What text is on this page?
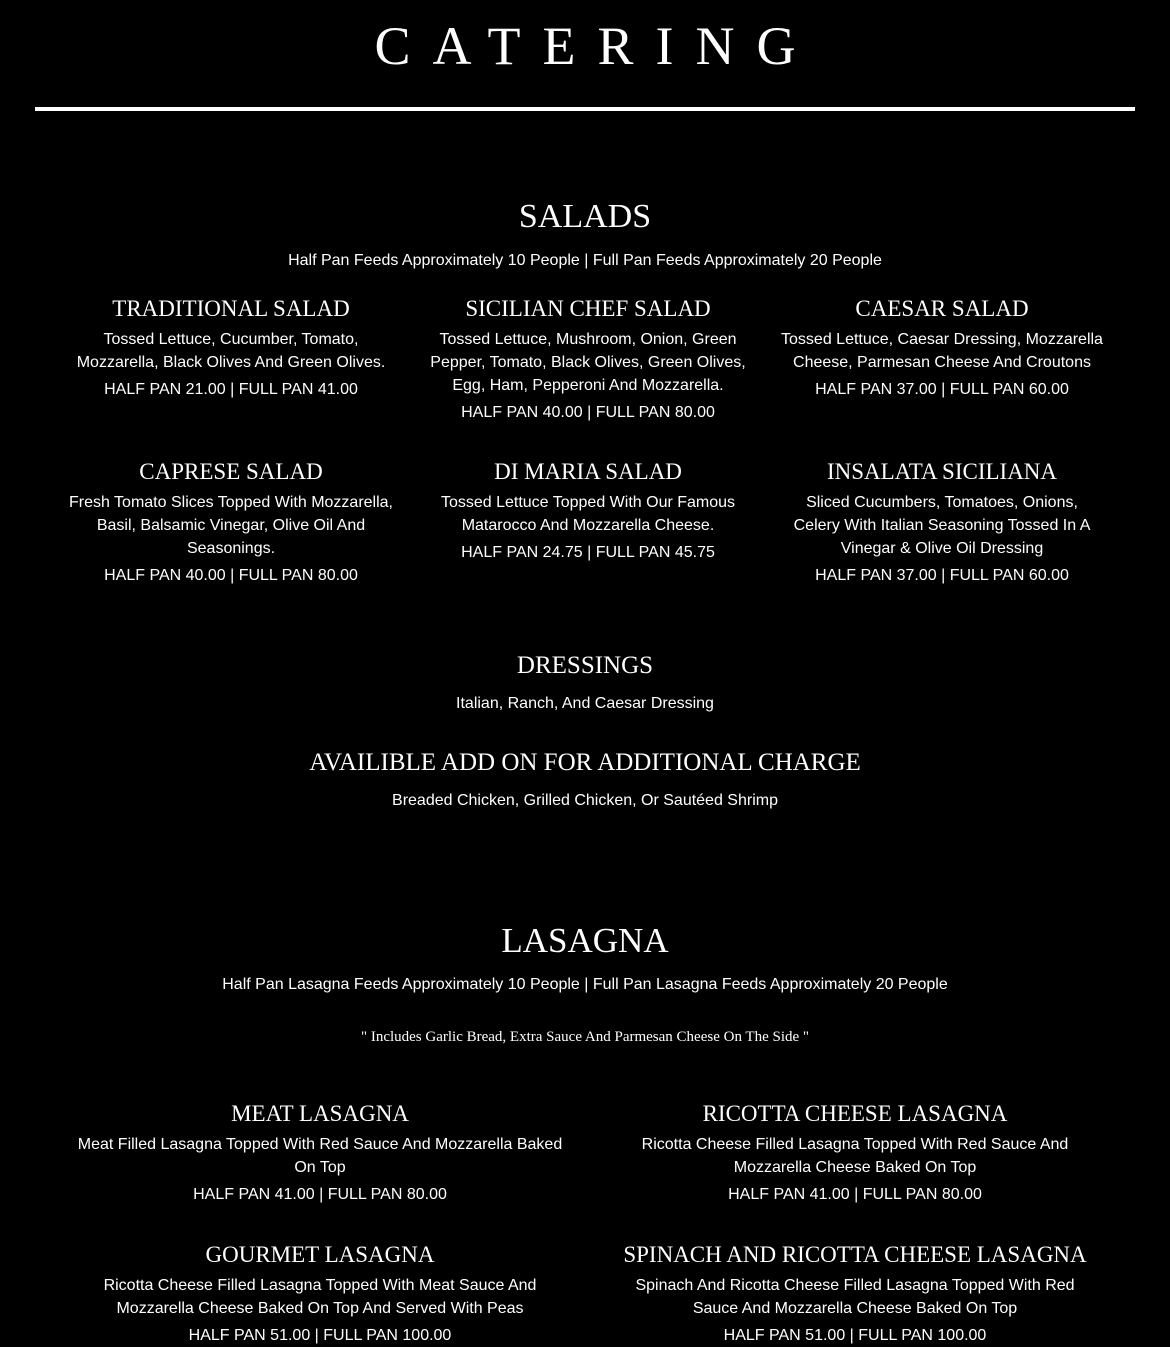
CATERING
SALADS

Half Pan Feeds Approximately 10 People | Full Pan Feeds Approximately 20 People

TRADITIONAL SALAD

Tossed Lettuce, Cucumber, Tomato, Mozzarella, Black Olives And Green Olives.

HALF PAN 21.00 | FULL PAN 41.00

SICILIAN CHEF SALAD

Tossed Lettuce, Mushroom, Onion, Green Pepper, Tomato, Black Olives, Green Olives, Egg, Ham, Pepperoni And Mozzarella.

HALF PAN 40.00 | FULL PAN 80.00

CAESAR SALAD

Tossed Lettuce, Caesar Dressing, Mozzarella Cheese, Parmesan Cheese And Croutons

HALF PAN 37.00 | FULL PAN 60.00

CAPRESE SALAD

Fresh Tomato Slices Topped With Mozzarella, Basil, Balsamic Vinegar, Olive Oil And Seasonings.

HALF PAN 40.00 | FULL PAN 80.00

DI MARIA SALAD

Tossed Lettuce Topped With Our Famous Matarocco And Mozzarella Cheese.

HALF PAN 24.75 | FULL PAN 45.75

INSALATA SICILIANA

Sliced Cucumbers, Tomatoes, Onions, Celery With Italian Seasoning Tossed In A Vinegar & Olive Oil Dressing

HALF PAN 37.00 | FULL PAN 60.00

DRESSINGS

Italian, Ranch, And Caesar Dressing

AVAILIBLE ADD ON FOR ADDITIONAL CHARGE

Breaded Chicken, Grilled Chicken, Or Sautéed Shrimp

LASAGNA

Half Pan Lasagna Feeds Approximately 10 People | Full Pan Lasagna Feeds Approximately 20 People

" Includes Garlic Bread, Extra Sauce And Parmesan Cheese On The Side "

MEAT LASAGNA

Meat Filled Lasagna Topped With Red Sauce And Mozzarella Baked On Top

HALF PAN 41.00 | FULL PAN 80.00

RICOTTA CHEESE LASAGNA

Ricotta Cheese Filled Lasagna Topped With Red Sauce And Mozzarella Cheese Baked On Top

HALF PAN 41.00 | FULL PAN 80.00

GOURMET LASAGNA

Ricotta Cheese Filled Lasagna Topped With Meat Sauce And Mozzarella Cheese Baked On Top And Served With Peas

HALF PAN 51.00 | FULL PAN 100.00

SPINACH AND RICOTTA CHEESE LASAGNA

Spinach And Ricotta Cheese Filled Lasagna Topped With Red Sauce And Mozzarella Cheese Baked On Top

HALF PAN 51.00 | FULL PAN 100.00
